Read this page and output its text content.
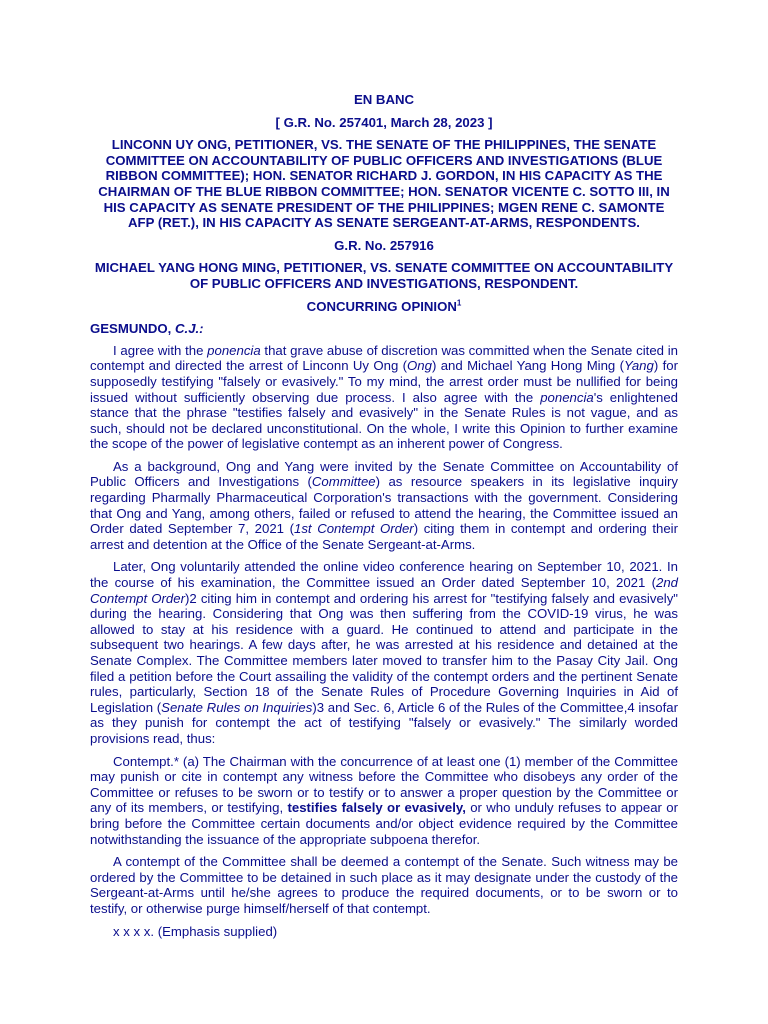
EN BANC
[ G.R. No. 257401, March 28, 2023 ]
LINCONN UY ONG, PETITIONER, VS. THE SENATE OF THE PHILIPPINES, THE SENATE COMMITTEE ON ACCOUNTABILITY OF PUBLIC OFFICERS AND INVESTIGATIONS (BLUE RIBBON COMMITTEE); HON. SENATOR RICHARD J. GORDON, IN HIS CAPACITY AS THE CHAIRMAN OF THE BLUE RIBBON COMMITTEE; HON. SENATOR VICENTE C. SOTTO III, IN HIS CAPACITY AS SENATE PRESIDENT OF THE PHILIPPINES; MGEN RENE C. SAMONTE AFP (RET.), IN HIS CAPACITY AS SENATE SERGEANT-AT-ARMS, RESPONDENTS.
G.R. No. 257916
MICHAEL YANG HONG MING, PETITIONER, VS. SENATE COMMITTEE ON ACCOUNTABILITY OF PUBLIC OFFICERS AND INVESTIGATIONS, RESPONDENT.
CONCURRING OPINION$^1$
GESMUNDO, C.J.:

I agree with the ponencia that grave abuse of discretion was committed when the Senate cited in contempt and directed the arrest of Linconn Uy Ong (Ong) and Michael Yang Hong Ming (Yang) for supposedly testifying "falsely or evasively." To my mind, the arrest order must be nullified for being issued without sufficiently observing due process. I also agree with the ponencia's enlightened stance that the phrase "testifies falsely and evasively" in the Senate Rules is not vague, and as such, should not be declared unconstitutional. On the whole, I write this Opinion to further examine the scope of the power of legislative contempt as an inherent power of Congress.

As a background, Ong and Yang were invited by the Senate Committee on Accountability of Public Officers and Investigations (Committee) as resource speakers in its legislative inquiry regarding Pharmally Pharmaceutical Corporation's transactions with the government. Considering that Ong and Yang, among others, failed or refused to attend the hearing, the Committee issued an Order dated September 7, 2021 (1st Contempt Order) citing them in contempt and ordering their arrest and detention at the Office of the Senate Sergeant-at-Arms.

Later, Ong voluntarily attended the online video conference hearing on September 10, 2021. In the course of his examination, the Committee issued an Order dated September 10, 2021 (2nd Contempt Order)2 citing him in contempt and ordering his arrest for "testifying falsely and evasively" during the hearing. Considering that Ong was then suffering from the COVID-19 virus, he was allowed to stay at his residence with a guard. He continued to attend and participate in the subsequent two hearings. A few days after, he was arrested at his residence and detained at the Senate Complex. The Committee members later moved to transfer him to the Pasay City Jail. Ong filed a petition before the Court assailing the validity of the contempt orders and the pertinent Senate rules, particularly, Section 18 of the Senate Rules of Procedure Governing Inquiries in Aid of Legislation (Senate Rules on Inquiries)3 and Sec. 6, Article 6 of the Rules of the Committee,4 insofar as they punish for contempt the act of testifying "falsely or evasively." The similarly worded provisions read, thus:

Contempt.* (a) The Chairman with the concurrence of at least one (1) member of the Committee may punish or cite in contempt any witness before the Committee who disobeys any order of the Committee or refuses to be sworn or to testify or to answer a proper question by the Committee or any of its members, or testifying, testifies falsely or evasively, or who unduly refuses to appear or bring before the Committee certain documents and/or object evidence required by the Committee notwithstanding the issuance of the appropriate subpoena therefor.

A contempt of the Committee shall be deemed a contempt of the Senate. Such witness may be ordered by the Committee to be detained in such place as it may designate under the custody of the Sergeant-at-Arms until he/she agrees to produce the required documents, or to be sworn or to testify, or otherwise purge himself/herself of that contempt.

x x x x. (Emphasis supplied)
